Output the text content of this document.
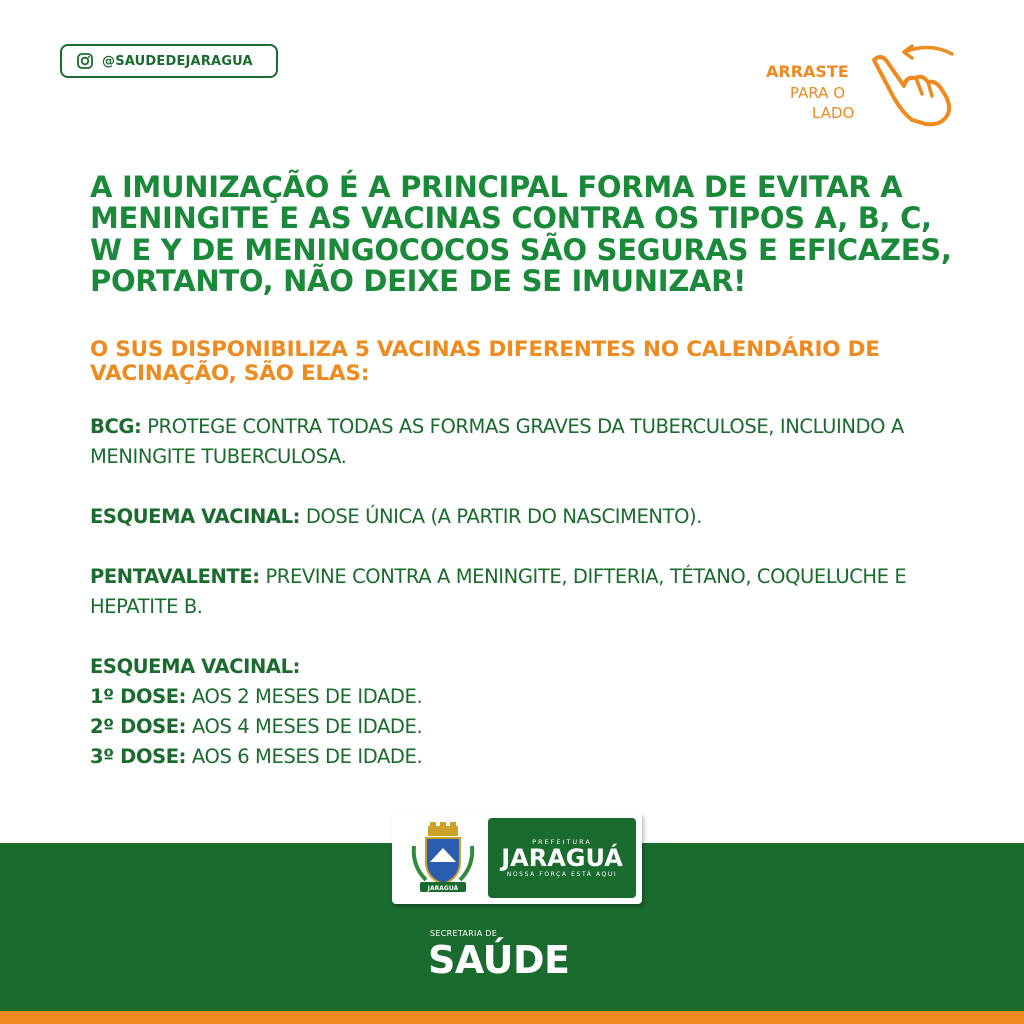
@SAUDEDEJARAGUA
ARRASTE
PARA O
LADO
A IMUNIZAÇÃO É A PRINCIPAL FORMA DE EVITAR A MENINGITE E AS VACINAS CONTRA OS TIPOS A, B, C, W E Y DE MENINGOCOCOS SÃO SEGURAS E EFICAZES, PORTANTO, NÃO DEIXE DE SE IMUNIZAR!
O SUS DISPONIBILIZA 5 VACINAS DIFERENTES NO CALENDÁRIO DE VACINAÇÃO, SÃO ELAS:

BCG: PROTEGE CONTRA TODAS AS FORMAS GRAVES DA TUBERCULOSE, INCLUINDO A MENINGITE TUBERCULOSA.

ESQUEMA VACINAL: DOSE ÚNICA (A PARTIR DO NASCIMENTO).

PENTAVALENTE: PREVINE CONTRA A MENINGITE, DIFTERIA, TÉTANO, COQUELUCHE E HEPATITE B.

ESQUEMA VACINAL:

1º DOSE: AOS 2 MESES DE IDADE.

2º DOSE: AOS 4 MESES DE IDADE.

3º DOSE: AOS 6 MESES DE IDADE.

JARAGUÁ
PREFEITURA
JARAGUÁ
NOSSA FORÇA ESTÁ AQUI
SECRETARIA DE
SAÚDE
